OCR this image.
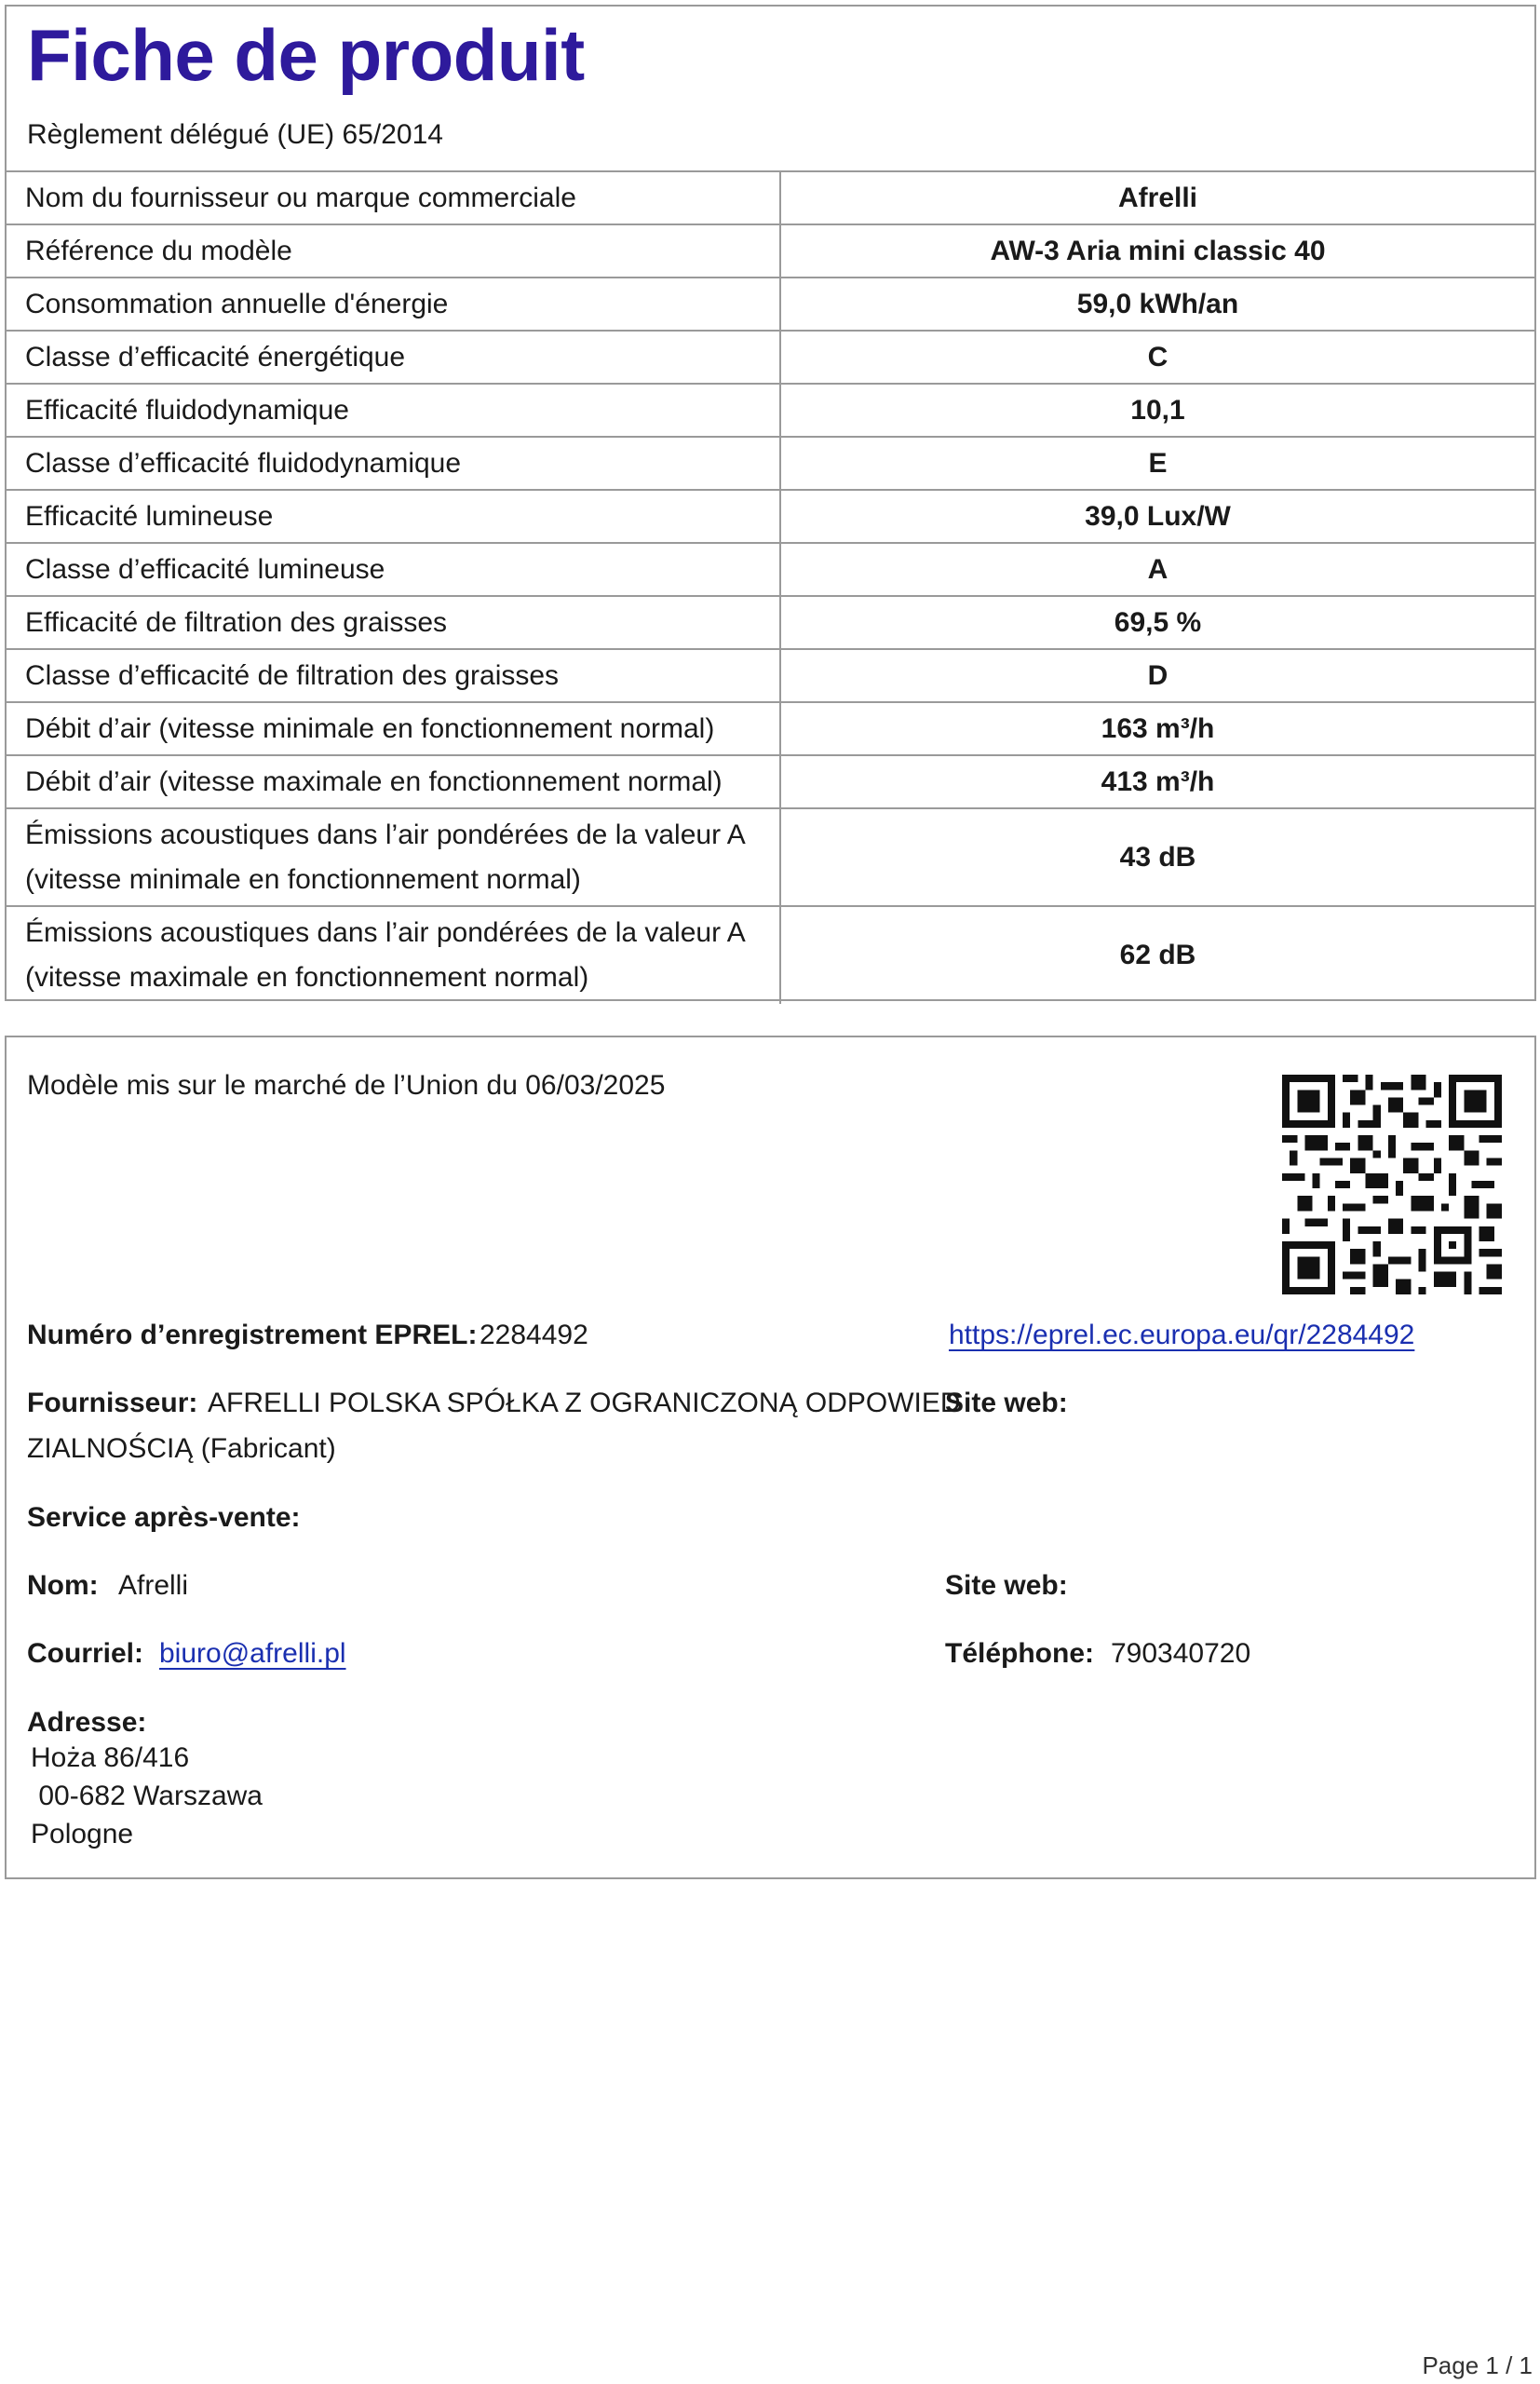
Fiche de produit
Règlement délégué (UE) 65/2014
Nom du fournisseur ou marque commerciale	Afrelli
Référence du modèle	AW-3 Aria mini classic 40
Consommation annuelle d'énergie	59,0 kWh/an
Classe d’efficacité énergétique	C
Efficacité fluidodynamique	10,1
Classe d’efficacité fluidodynamique	E
Efficacité lumineuse	39,0 Lux/W
Classe d’efficacité lumineuse	A
Efficacité de filtration des graisses	69,5 %
Classe d’efficacité de filtration des graisses	D
Débit d’air (vitesse minimale en fonctionnement normal)	163 m³/h
Débit d’air (vitesse maximale en fonctionnement normal)	413 m³/h

Émissions acoustiques dans l’air pondérées de la valeur A
(vitesse minimale en fonctionnement normal)	43 dB

Émissions acoustiques dans l’air pondérées de la valeur A
(vitesse maximale en fonctionnement normal)	62 dB
Modèle mis sur le marché de l’Union du 06/03/2025
Numéro d’enregistrement EPREL: 2284492	https://eprel.ec.europa.eu/qr/2284492
Fournisseur: AFRELLI POLSKA SPÓŁKA Z OGRANICZONĄ ODPOWIED
ZIALNOŚCIĄ (Fabricant)
Site web:
Service après-vente:
Nom: Afrelli	Site web:
Courriel: biuro@afrelli.pl	Téléphone: 790340720
Adresse:
Hoża 86/416
00-682 Warszawa
Pologne
Page 1 / 1
